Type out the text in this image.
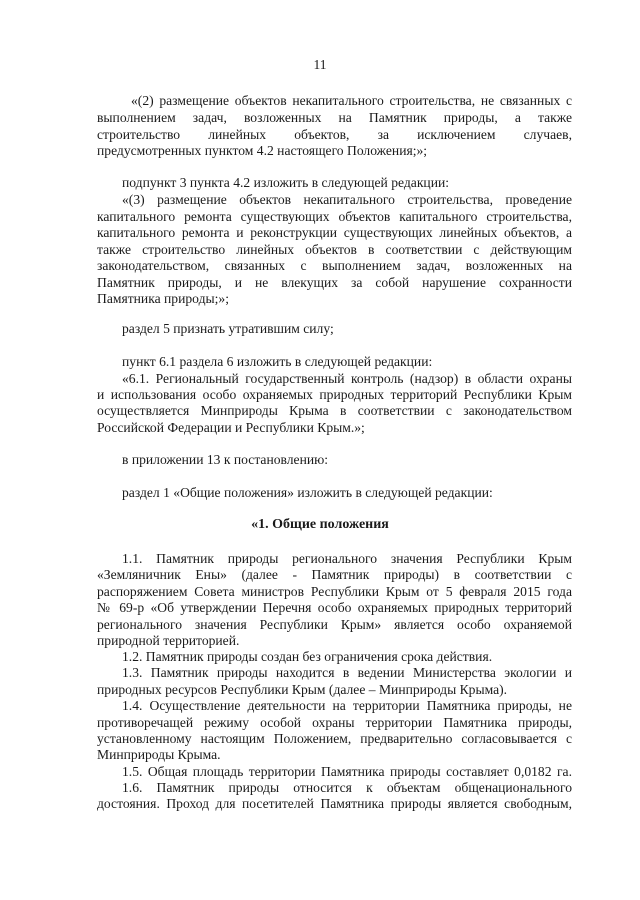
11
«1. Общие положения
«(2) размещение объектов некапитального строительства, не связанных с
выполнением задач, возложенных на Памятник природы, а также
строительство линейных объектов, за исключением случаев,
предусмотренных пунктом 4.2 настоящего Положения;»;
подпункт 3 пункта 4.2 изложить в следующей редакции:
«(3) размещение объектов некапитального строительства, проведение
капитального ремонта существующих объектов капитального строительства,
капитального ремонта и реконструкции существующих линейных объектов, а
также строительство линейных объектов в соответствии с действующим
законодательством, связанных с выполнением задач, возложенных на
Памятник природы, и не влекущих за собой нарушение сохранности
Памятника природы;»;
раздел 5 признать утратившим силу;
пункт 6.1 раздела 6 изложить в следующей редакции:
«6.1. Региональный государственный контроль (надзор) в области охраны
и использования особо охраняемых природных территорий Республики Крым
осуществляется Минприроды Крыма в соответствии с законодательством
Российской Федерации и Республики Крым.»;
в приложении 13 к постановлению:
раздел 1 «Общие положения» изложить в следующей редакции:
1.1. Памятник природы регионального значения Республики Крым
«Земляничник Ены» (далее - Памятник природы) в соответствии с
распоряжением Совета министров Республики Крым от 5 февраля 2015 года
№ 69-р «Об утверждении Перечня особо охраняемых природных территорий
регионального значения Республики Крым» является особо охраняемой
природной территорией.
1.2. Памятник природы создан без ограничения срока действия.
1.3. Памятник природы находится в ведении Министерства экологии и
природных ресурсов Республики Крым (далее – Минприроды Крыма).
1.4. Осуществление деятельности на территории Памятника природы, не
противоречащей режиму особой охраны территории Памятника природы,
установленному настоящим Положением, предварительно согласовывается с
Минприроды Крыма.
1.5. Общая площадь территории Памятника природы составляет 0,0182 га.
1.6. Памятник природы относится к объектам общенационального
достояния. Проход для посетителей Памятника природы является свободным,
